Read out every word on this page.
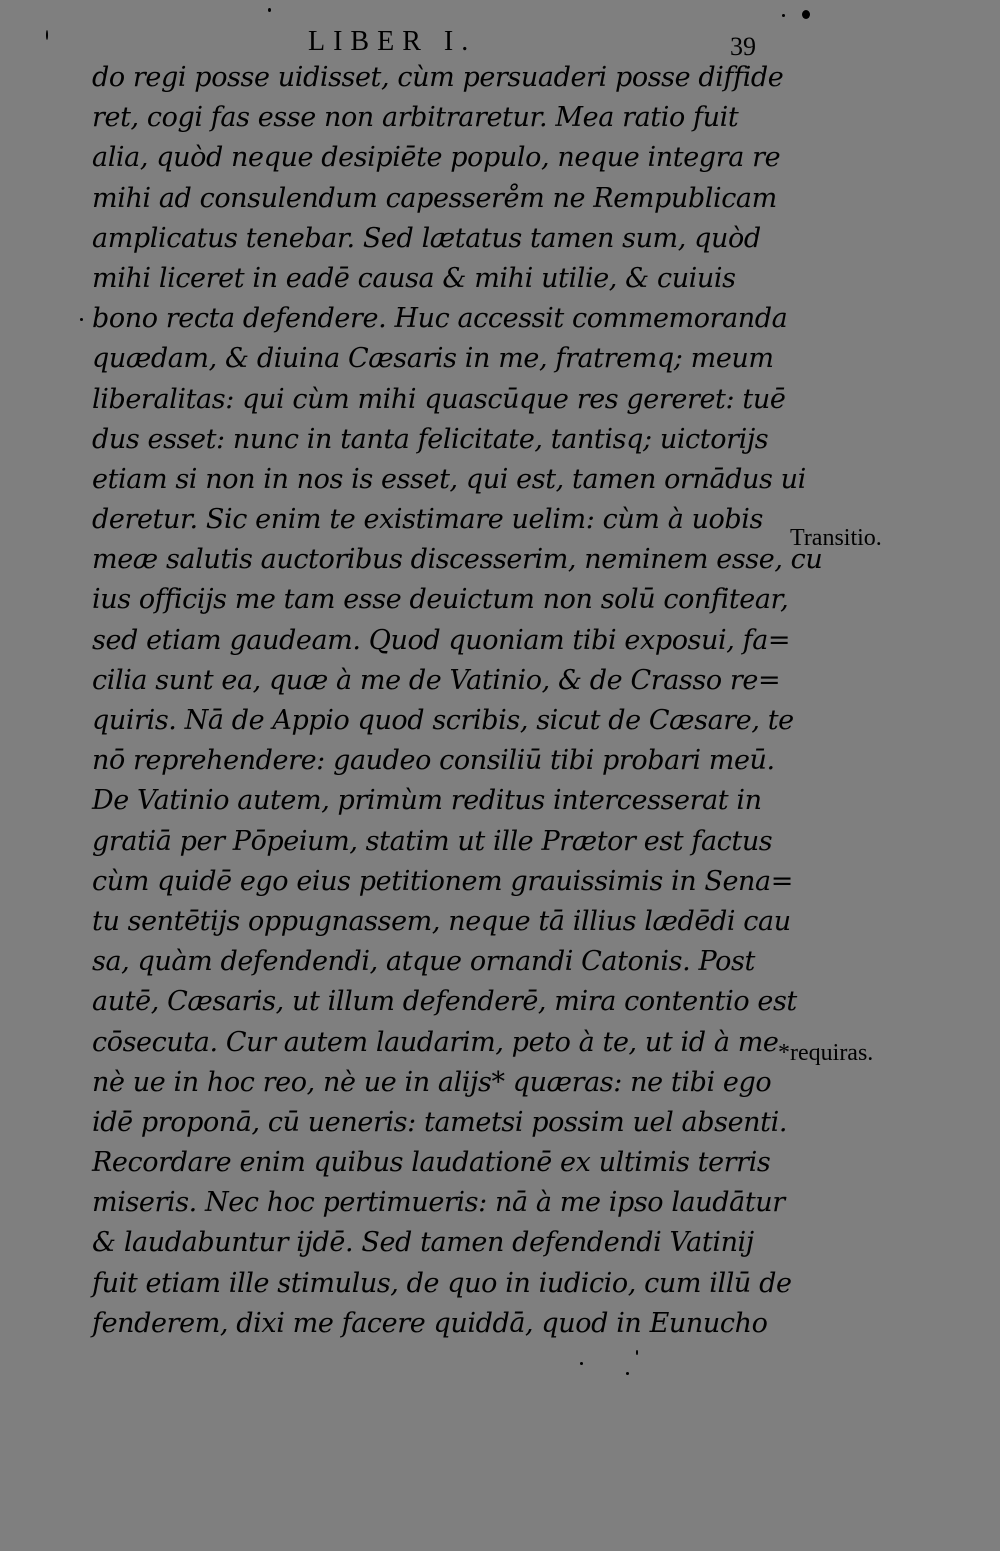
LIBER I.	39
do regi posse uidisset, cùm persuaderi posse diffide
ret, cogi fas esse non arbitraretur. Mea ratio fuit
alia, quòd neque desipiēte populo, neque integra re
mihi ad consulendum capessere̊m ne Rempublicam
amplicatus tenebar. Sed lætatus tamen sum, quòd
mihi liceret in eadē causa & mihi utilie, & cuiuis
bono recta defendere. Huc accessit commemoranda
quædam, & diuina Cæsaris in me, fratremq; meum
liberalitas: qui cùm mihi quascūque res gereret: tuē
dus esset: nunc in tanta felicitate, tantisq; uictorijs
etiam si non in nos is esset, qui est, tamen ornādus ui
deretur. Sic enim te existimare uelim: cùm à uobis
meæ salutis auctoribus discesserim, neminem esse, cu
ius officijs me tam esse deuictum non solū confitear,
sed etiam gaudeam. Quod quoniam tibi exposui, fa=
cilia sunt ea, quæ à me de Vatinio, & de Crasso re=
quiris. Nā de Appio quod scribis, sicut de Cæsare, te
nō reprehendere: gaudeo consiliū tibi probari meū.
De Vatinio autem, primùm reditus intercesserat in
gratiā per Pōpeium, statim ut ille Prætor est factus
cùm quidē ego eius petitionem grauissimis in Sena=
tu sentētijs oppugnassem, neque tā illius lædēdi cau
sa, quàm defendendi, atque ornandi Catonis. Post
autē, Cæsaris, ut illum defenderē, mira contentio est
cōsecuta. Cur autem laudarim, peto à te, ut id à me
nè ue in hoc reo, nè ue in alijs* quæras: ne tibi ego
idē proponā, cū ueneris: tametsi possim uel absenti.
Recordare enim quibus laudationē ex ultimis terris
miseris. Nec hoc pertimueris: nā à me ipso laudātur
& laudabuntur ijdē. Sed tamen defendendi Vatinij
fuit etiam ille stimulus, de quo in iudicio, cum illū de
fenderem, dixi me facere quiddā, quod in Eunucho
Transitio.
*requiras.
